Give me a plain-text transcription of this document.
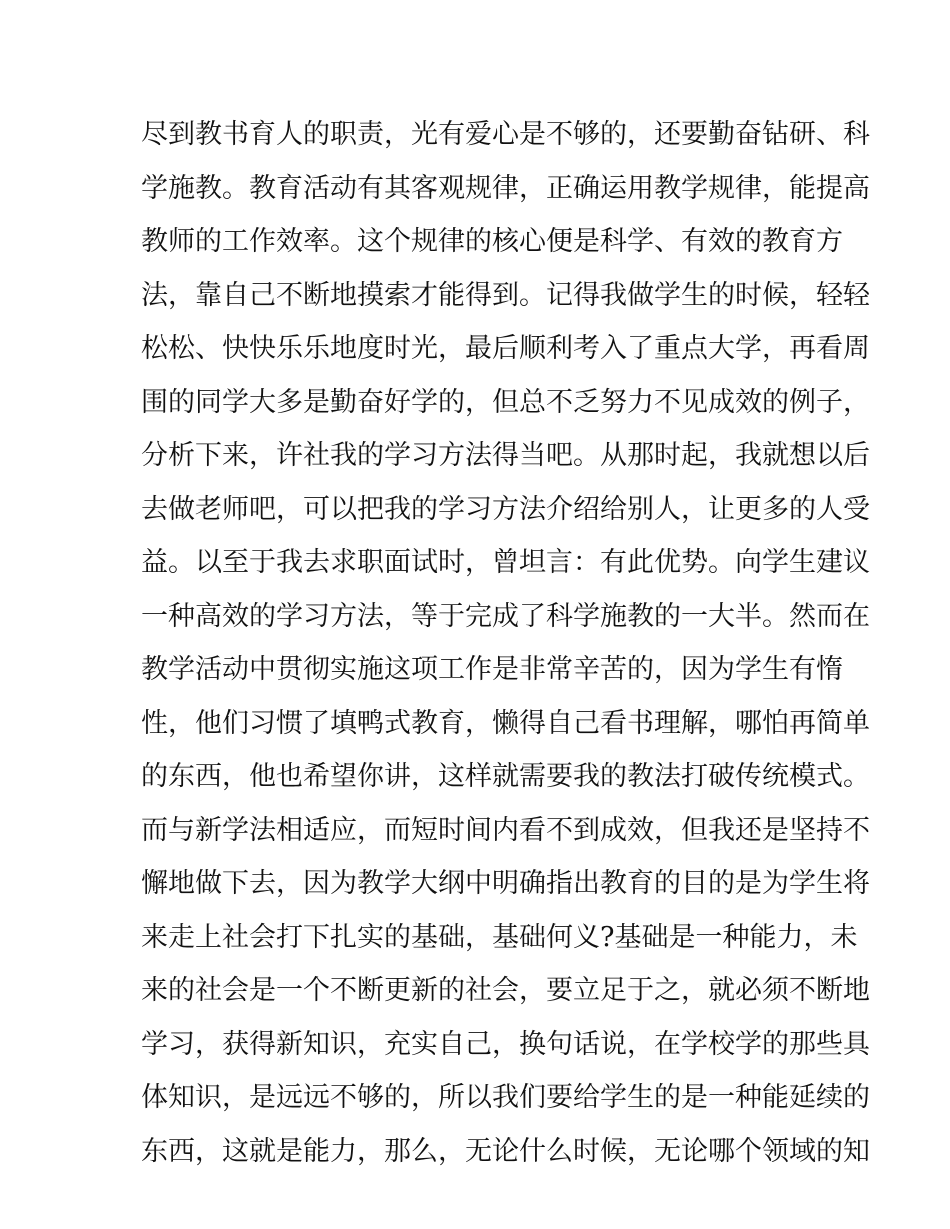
尽到教书育人的职责，光有爱心是不够的，还要勤奋钻研、科
学施教。教育活动有其客观规律，正确运用教学规律，能提高
教师的工作效率。这个规律的核心便是科学、有效的教育方
法，靠自己不断地摸索才能得到。记得我做学生的时候，轻轻
松松、快快乐乐地度时光，最后顺利考入了重点大学，再看周
围的同学大多是勤奋好学的，但总不乏努力不见成效的例子，
分析下来，许社我的学习方法得当吧。从那时起，我就想以后
去做老师吧，可以把我的学习方法介绍给别人，让更多的人受
益。以至于我去求职面试时，曾坦言：有此优势。向学生建议
一种高效的学习方法，等于完成了科学施教的一大半。然而在
教学活动中贯彻实施这项工作是非常辛苦的，因为学生有惰
性，他们习惯了填鸭式教育，懒得自己看书理解，哪怕再简单
的东西，他也希望你讲，这样就需要我的教法打破传统模式。
而与新学法相适应，而短时间内看不到成效，但我还是坚持不
懈地做下去，因为教学大纲中明确指出教育的目的是为学生将
来走上社会打下扎实的基础，基础何义?基础是一种能力，未
来的社会是一个不断更新的社会，要立足于之，就必须不断地
学习，获得新知识，充实自己，换句话说，在学校学的那些具
体知识，是远远不够的，所以我们要给学生的是一种能延续的
东西，这就是能力，那么，无论什么时候，无论哪个领域的知
